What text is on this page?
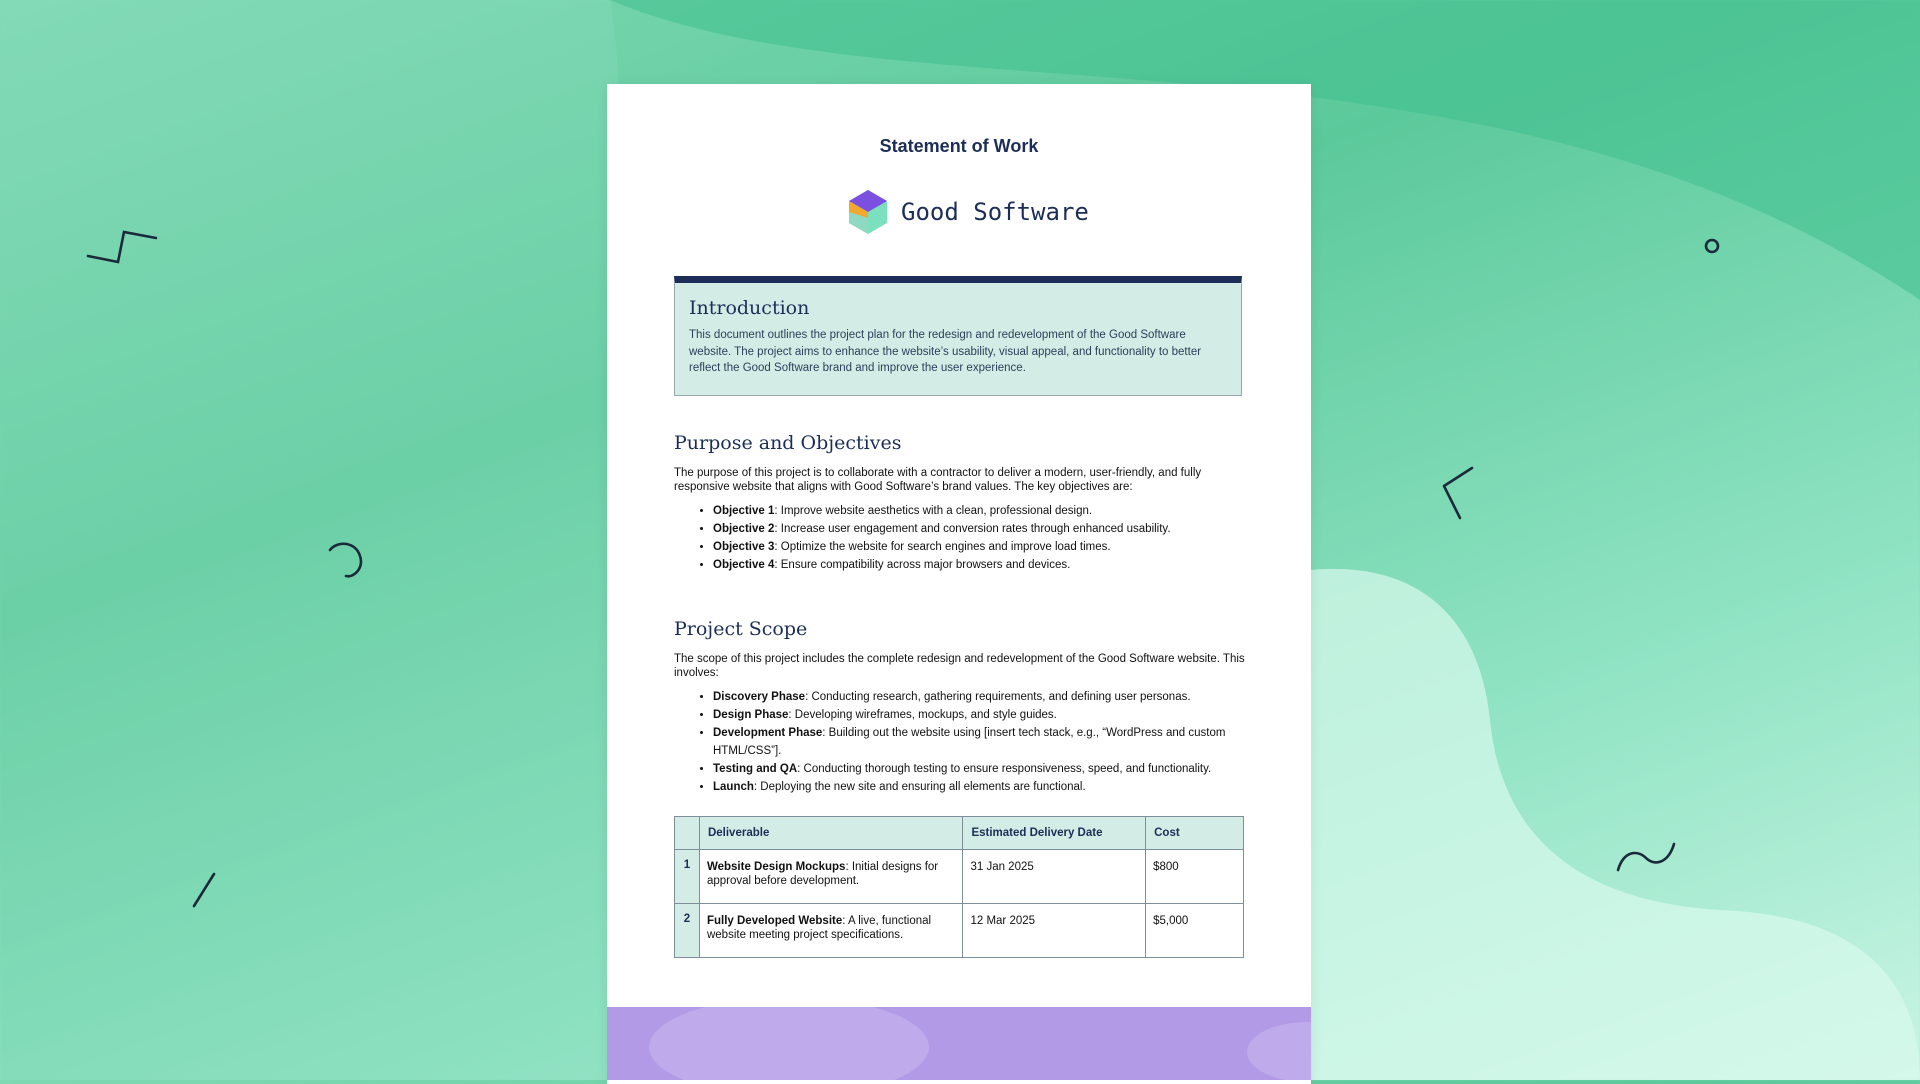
Statement of Work
Good Software
Introduction

This document outlines the project plan for the redesign and redevelopment of the Good Software website. The project aims to enhance the website’s usability, visual appeal, and functionality to better reflect the Good Software brand and improve the user experience.

Purpose and Objectives

The purpose of this project is to collaborate with a contractor to deliver a modern, user-friendly, and fully responsive website that aligns with Good Software’s brand values. The key objectives are:

• Objective 1: Improve website aesthetics with a clean, professional design.
• Objective 2: Increase user engagement and conversion rates through enhanced usability.
• Objective 3: Optimize the website for search engines and improve load times.
• Objective 4: Ensure compatibility across major browsers and devices.
Project Scope

The scope of this project includes the complete redesign and redevelopment of the Good Software website. This involves:

• Discovery Phase: Conducting research, gathering requirements, and defining user personas.
• Design Phase: Developing wireframes, mockups, and style guides.
• Development Phase: Building out the website using [insert tech stack, e.g., “WordPress and custom HTML/CSS”].
• Testing and QA: Conducting thorough testing to ensure responsiveness, speed, and functionality.
• Launch: Deploying the new site and ensuring all elements are functional.
	Deliverable	Estimated Delivery Date	Cost
1	Website Design Mockups: Initial designs for approval before development.	31 Jan 2025	$800
2	Fully Developed Website: A live, functional website meeting project specifications.	12 Mar 2025	$5,000
